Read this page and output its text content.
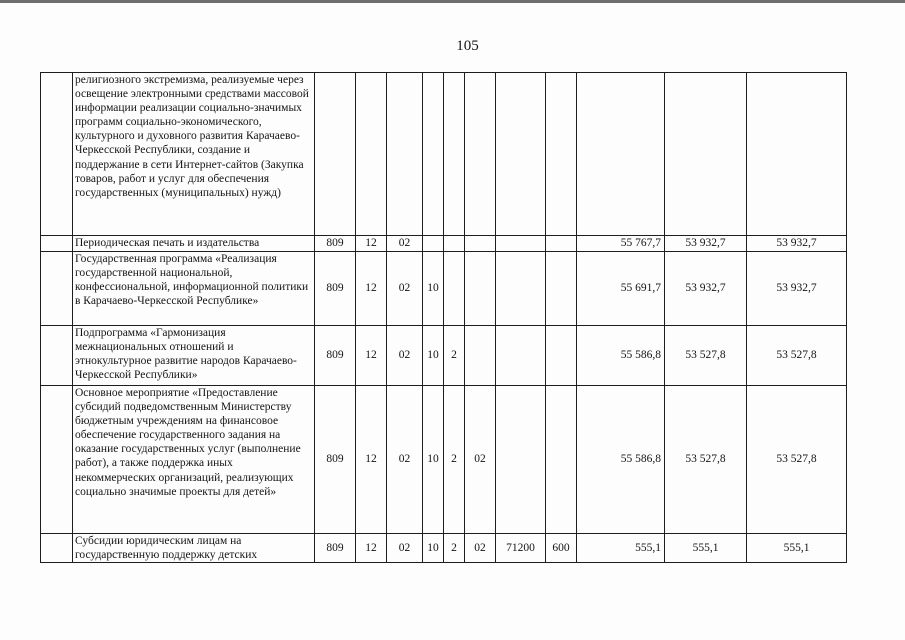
105
	религиозного экстремизма, реализуемые через освещение электронными средствами массовой информации реализации социально-значимых программ социально-экономического, культурного и духовного развития Карачаево-Черкесской Республики, создание и поддержание в сети Интернет-сайтов (Закупка товаров, работ и услуг для обеспечения государственных (муниципальных) нужд)											
	Периодическая печать и издательства	809	12	02						55 767,7	53 932,7	53 932,7
	Государственная программа «Реализация государственной национальной, конфессиональной, информационной политики в Карачаево-Черкесской Республике»	809	12	02	10					55 691,7	53 932,7	53 932,7
	Подпрограмма «Гармонизация межнациональных отношений и этнокультурное развитие народов Карачаево-Черкесской Республики»	809	12	02	10	2				55 586,8	53 527,8	53 527,8
	Основное мероприятие «Предоставление субсидий подведомственным Министерству бюджетным учреждениям на финансовое обеспечение государственного задания на оказание государственных услуг (выполнение работ), а также поддержка иных некоммерческих организаций, реализующих социально значимые проекты для детей»	809	12	02	10	2	02			55 586,8	53 527,8	53 527,8
	Субсидии юридическим лицам на государственную поддержку детских	809	12	02	10	2	02	71200	600	555,1	555,1	555,1
